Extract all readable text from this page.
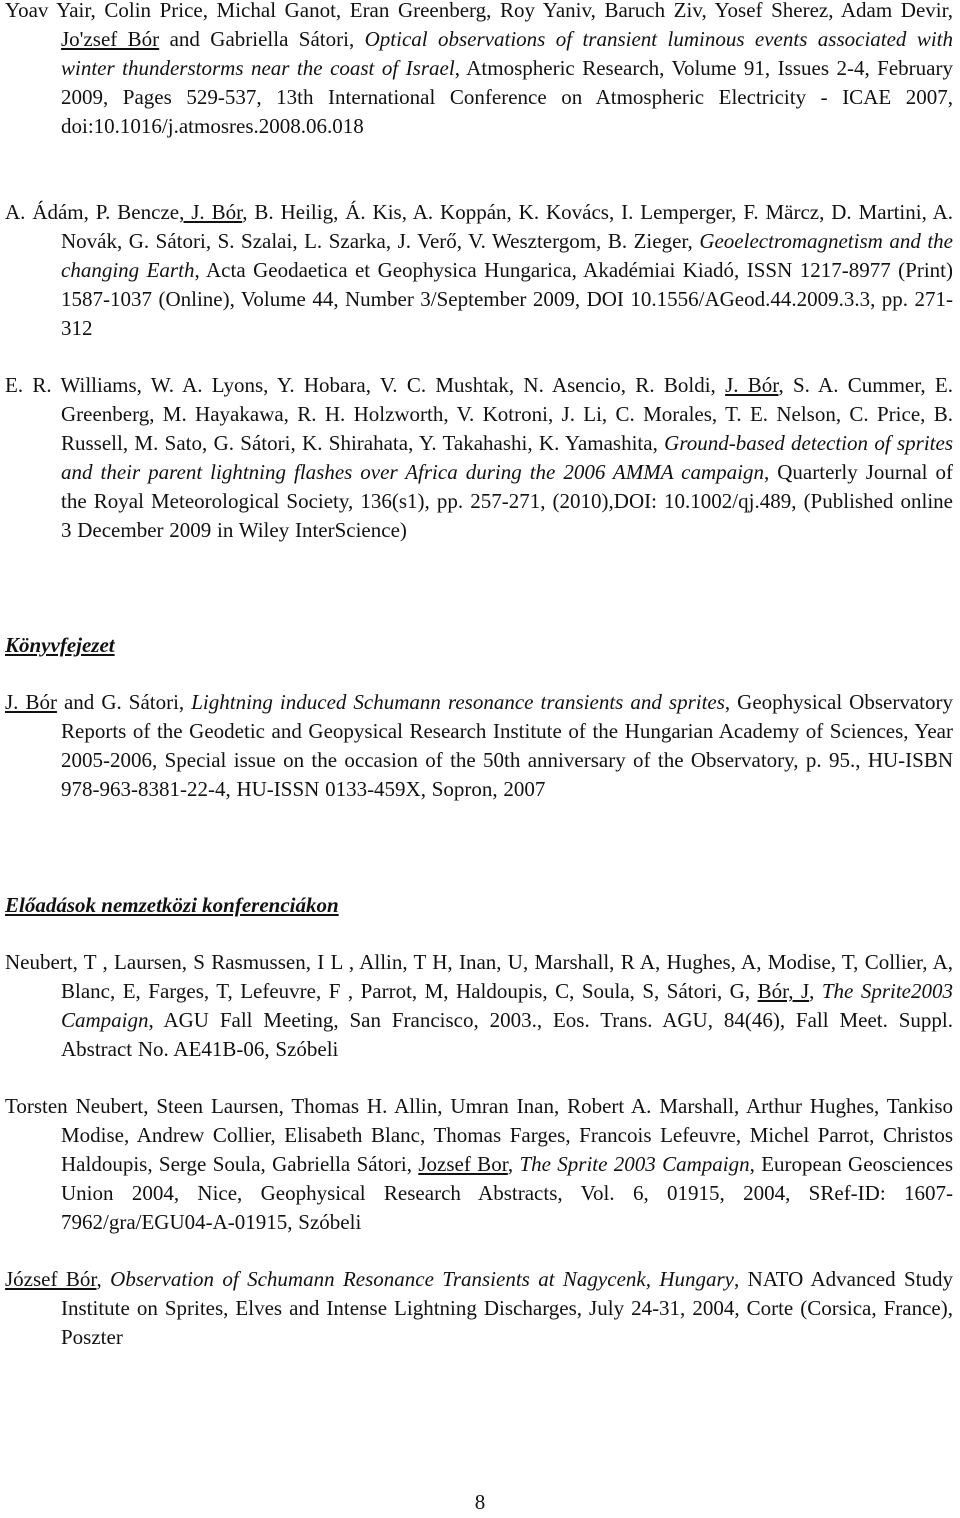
Yoav Yair, Colin Price, Michal Ganot, Eran Greenberg, Roy Yaniv, Baruch Ziv, Yosef Sherez, Adam Devir, Jo'zsef Bór and Gabriella Sátori, Optical observations of transient luminous events associated with winter thunderstorms near the coast of Israel, Atmospheric Research, Volume 91, Issues 2-4, February 2009, Pages 529-537, 13th International Conference on Atmospheric Electricity - ICAE 2007, doi:10.1016/j.atmosres.2008.06.018

A. Ádám, P. Bencze, J. Bór, B. Heilig, Á. Kis, A. Koppán, K. Kovács, I. Lemperger, F. Märcz, D. Martini, A. Novák, G. Sátori, S. Szalai, L. Szarka, J. Verő, V. Wesztergom, B. Zieger, Geoelectromagnetism and the changing Earth, Acta Geodaetica et Geophysica Hungarica, Akadémiai Kiadó, ISSN 1217-8977 (Print) 1587-1037 (Online), Volume 44, Number 3/September 2009, DOI 10.1556/AGeod.44.2009.3.3, pp. 271-312

E. R. Williams, W. A. Lyons, Y. Hobara, V. C. Mushtak, N. Asencio, R. Boldi, J. Bór, S. A. Cummer, E. Greenberg, M. Hayakawa, R. H. Holzworth, V. Kotroni, J. Li, C. Morales, T. E. Nelson, C. Price, B. Russell, M. Sato, G. Sátori, K. Shirahata, Y. Takahashi, K. Yamashita, Ground-based detection of sprites and their parent lightning flashes over Africa during the 2006 AMMA campaign, Quarterly Journal of the Royal Meteorological Society, 136(s1), pp. 257-271, (2010),DOI: 10.1002/qj.489, (Published online 3 December 2009 in Wiley InterScience)

Könyvfejezet

J. Bór and G. Sátori, Lightning induced Schumann resonance transients and sprites, Geophysical Observatory Reports of the Geodetic and Geopysical Research Institute of the Hungarian Academy of Sciences, Year 2005-2006, Special issue on the occasion of the 50th anniversary of the Observatory, p. 95., HU-ISBN 978-963-8381-22-4, HU-ISSN 0133-459X, Sopron, 2007

Előadások nemzetközi konferenciákon

Neubert, T , Laursen, S Rasmussen, I L , Allin, T H, Inan, U, Marshall, R A, Hughes, A, Modise, T, Collier, A, Blanc, E, Farges, T, Lefeuvre, F , Parrot, M, Haldoupis, C, Soula, S, Sátori, G, Bór, J, The Sprite2003 Campaign, AGU Fall Meeting, San Francisco, 2003., Eos. Trans. AGU, 84(46), Fall Meet. Suppl. Abstract No. AE41B-06, Szóbeli

Torsten Neubert, Steen Laursen, Thomas H. Allin, Umran Inan, Robert A. Marshall, Arthur Hughes, Tankiso Modise, Andrew Collier, Elisabeth Blanc, Thomas Farges, Francois Lefeuvre, Michel Parrot, Christos Haldoupis, Serge Soula, Gabriella Sátori, Jozsef Bor, The Sprite 2003 Campaign, European Geosciences Union 2004, Nice, Geophysical Research Abstracts, Vol. 6, 01915, 2004, SRef-ID: 1607-7962/gra/EGU04-A-01915, Szóbeli

József Bór, Observation of Schumann Resonance Transients at Nagycenk, Hungary, NATO Advanced Study Institute on Sprites, Elves and Intense Lightning Discharges, July 24-31, 2004, Corte (Corsica, France), Poszter

8
